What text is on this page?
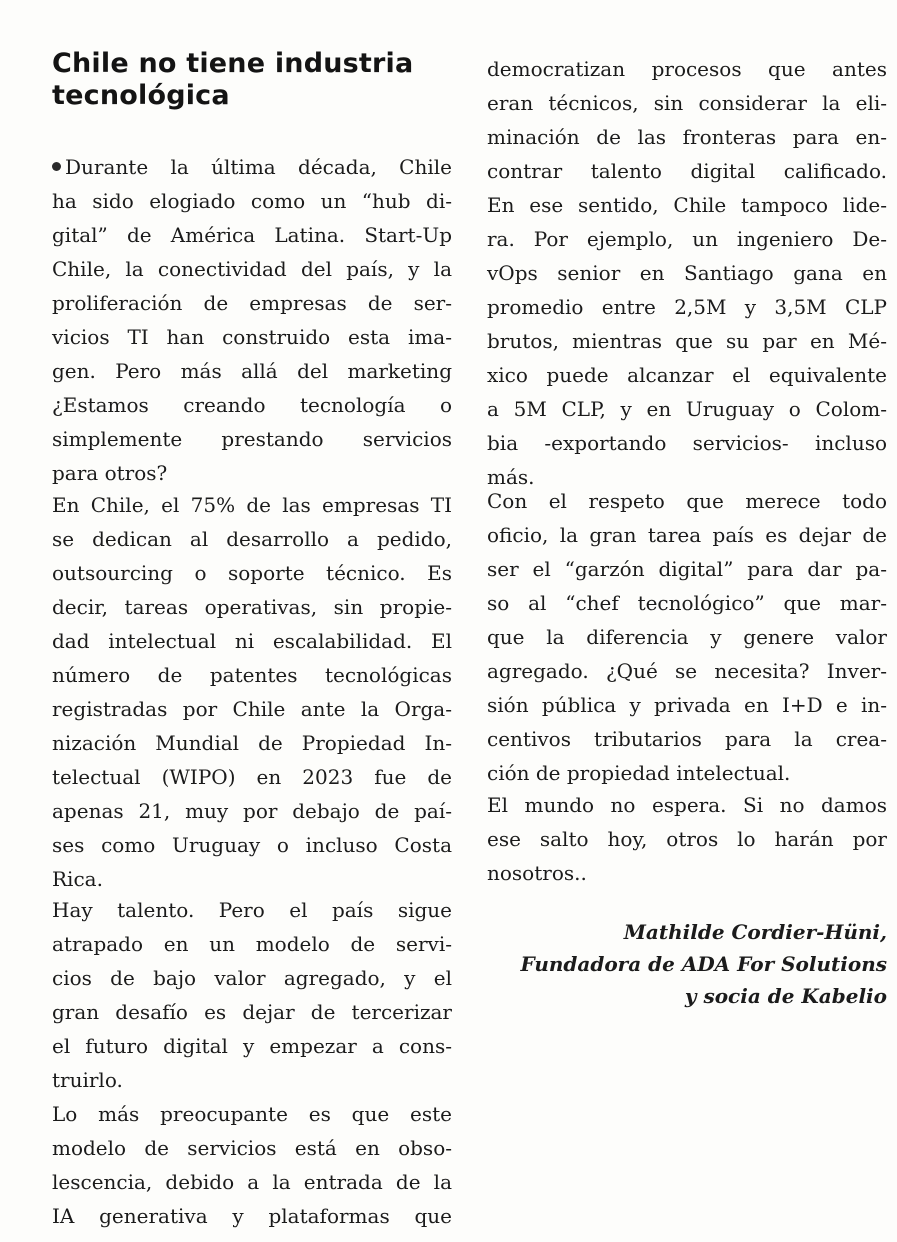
Chile no tiene industria tecnológica
Durante la última década, Chile
ha sido elogiado como un “hub di-
gital” de América Latina. Start-Up
Chile, la conectividad del país, y la
proliferación de empresas de ser-
vicios TI han construido esta ima-
gen. Pero más allá del marketing
¿Estamos creando tecnología o
simplemente prestando servicios
para otros?
En Chile, el 75% de las empresas TI
se dedican al desarrollo a pedido,
outsourcing o soporte técnico. Es
decir, tareas operativas, sin propie-
dad intelectual ni escalabilidad. El
número de patentes tecnológicas
registradas por Chile ante la Orga-
nización Mundial de Propiedad In-
telectual (WIPO) en 2023 fue de
apenas 21, muy por debajo de paí-
ses como Uruguay o incluso Costa
Rica.
Hay talento. Pero el país sigue
atrapado en un modelo de servi-
cios de bajo valor agregado, y el
gran desafío es dejar de tercerizar
el futuro digital y empezar a cons-
truirlo.
Lo más preocupante es que este
modelo de servicios está en obso-
lescencia, debido a la entrada de la
IA generativa y plataformas que
democratizan procesos que antes
eran técnicos, sin considerar la eli-
minación de las fronteras para en-
contrar talento digital calificado.
En ese sentido, Chile tampoco lide-
ra. Por ejemplo, un ingeniero De-
vOps senior en Santiago gana en
promedio entre 2,5M y 3,5M CLP
brutos, mientras que su par en Mé-
xico puede alcanzar el equivalente
a 5M CLP, y en Uruguay o Colom-
bia -exportando servicios- incluso
más.
Con el respeto que merece todo
oficio, la gran tarea país es dejar de
ser el “garzón digital” para dar pa-
so al “chef tecnológico” que mar-
que la diferencia y genere valor
agregado. ¿Qué se necesita? Inver-
sión pública y privada en I+D e in-
centivos tributarios para la crea-
ción de propiedad intelectual.
El mundo no espera. Si no damos
ese salto hoy, otros lo harán por
nosotros..
Mathilde Cordier-Hüni,
Fundadora de ADA For Solutions
y socia de Kabelio
